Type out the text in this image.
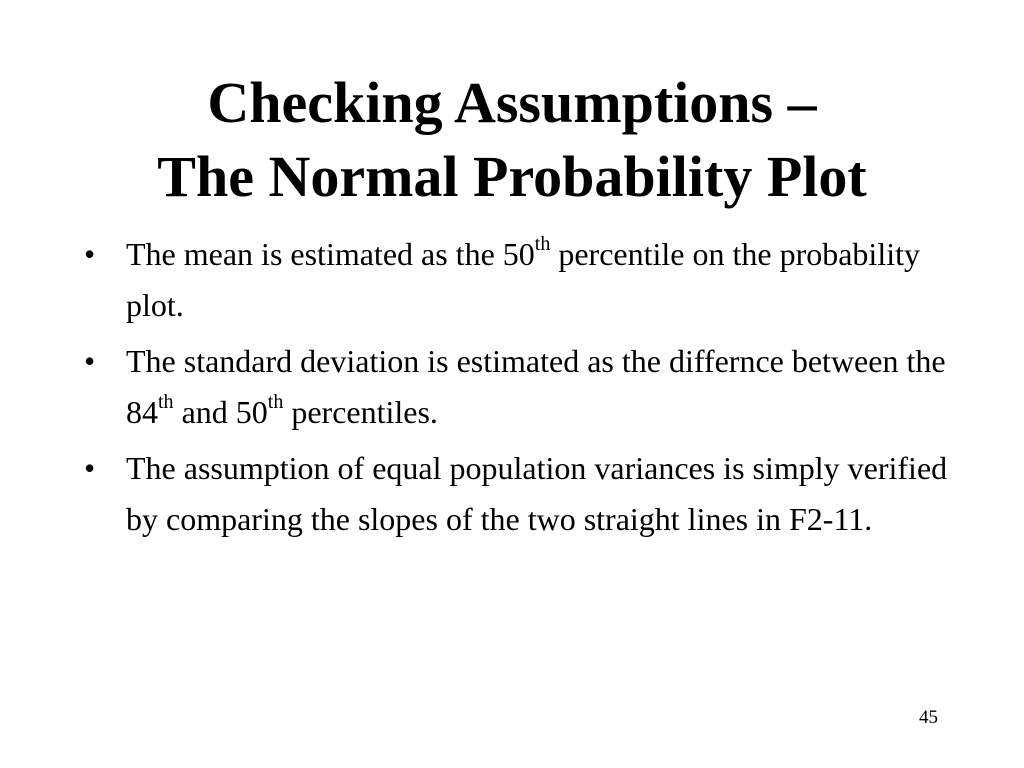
Checking Assumptions –
The Normal Probability Plot
• The mean is estimated as the 50th percentile on the probability plot.
• The standard deviation is estimated as the differnce between the 84th and 50th percentiles.
• The assumption of equal population variances is simply verified by comparing the slopes of the two straight lines in F2-11.
45
